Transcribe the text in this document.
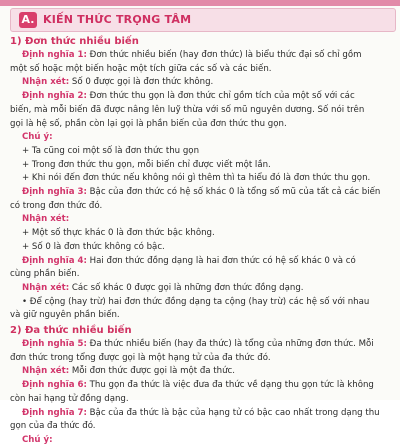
A. KIẾN THỨC TRỌNG TÂM
1) Đơn thức nhiều biến
Định nghĩa 1: Đơn thức nhiều biến (hay đơn thức) là biểu thức đại số chỉ gồm
một số hoặc một biến hoặc một tích giữa các số và các biến.
Nhận xét: Số 0 được gọi là đơn thức không.
Định nghĩa 2: Đơn thức thu gọn là đơn thức chỉ gồm tích của một số với các
biến, mà mỗi biến đã được nâng lên luỹ thừa với số mũ nguyên dương. Số nói trên
gọi là hệ số, phần còn lại gọi là phần biến của đơn thức thu gọn.
Chú ý:
+ Ta cũng coi một số là đơn thức thu gọn
+ Trong đơn thức thu gọn, mỗi biến chỉ được viết một lần.
+ Khi nói đến đơn thức nếu không nói gì thêm thì ta hiểu đó là đơn thức thu gọn.
Định nghĩa 3: Bậc của đơn thức có hệ số khác 0 là tổng số mũ của tất cả các biến
có trong đơn thức đó.
Nhận xét:
+ Một số thực khác 0 là đơn thức bậc không.
+ Số 0 là đơn thức không có bậc.
Định nghĩa 4: Hai đơn thức đồng dạng là hai đơn thức có hệ số khác 0 và có
cùng phần biến.
Nhận xét: Các số khác 0 được gọi là những đơn thức đồng dạng.
• Để cộng (hay trừ) hai đơn thức đồng dạng ta cộng (hay trừ) các hệ số với nhau
và giữ nguyên phần biến.
2) Đa thức nhiều biến
Định nghĩa 5: Đa thức nhiều biến (hay đa thức) là tổng của những đơn thức. Mỗi
đơn thức trong tổng được gọi là một hạng tử của đa thức đó.
Nhận xét: Mỗi đơn thức được gọi là một đa thức.
Định nghĩa 6: Thu gọn đa thức là việc đưa đa thức về dạng thu gọn tức là không
còn hai hạng tử đồng dạng.
Định nghĩa 7: Bậc của đa thức là bậc của hạng tử có bậc cao nhất trong dạng thu
gọn của đa thức đó.
Chú ý:
